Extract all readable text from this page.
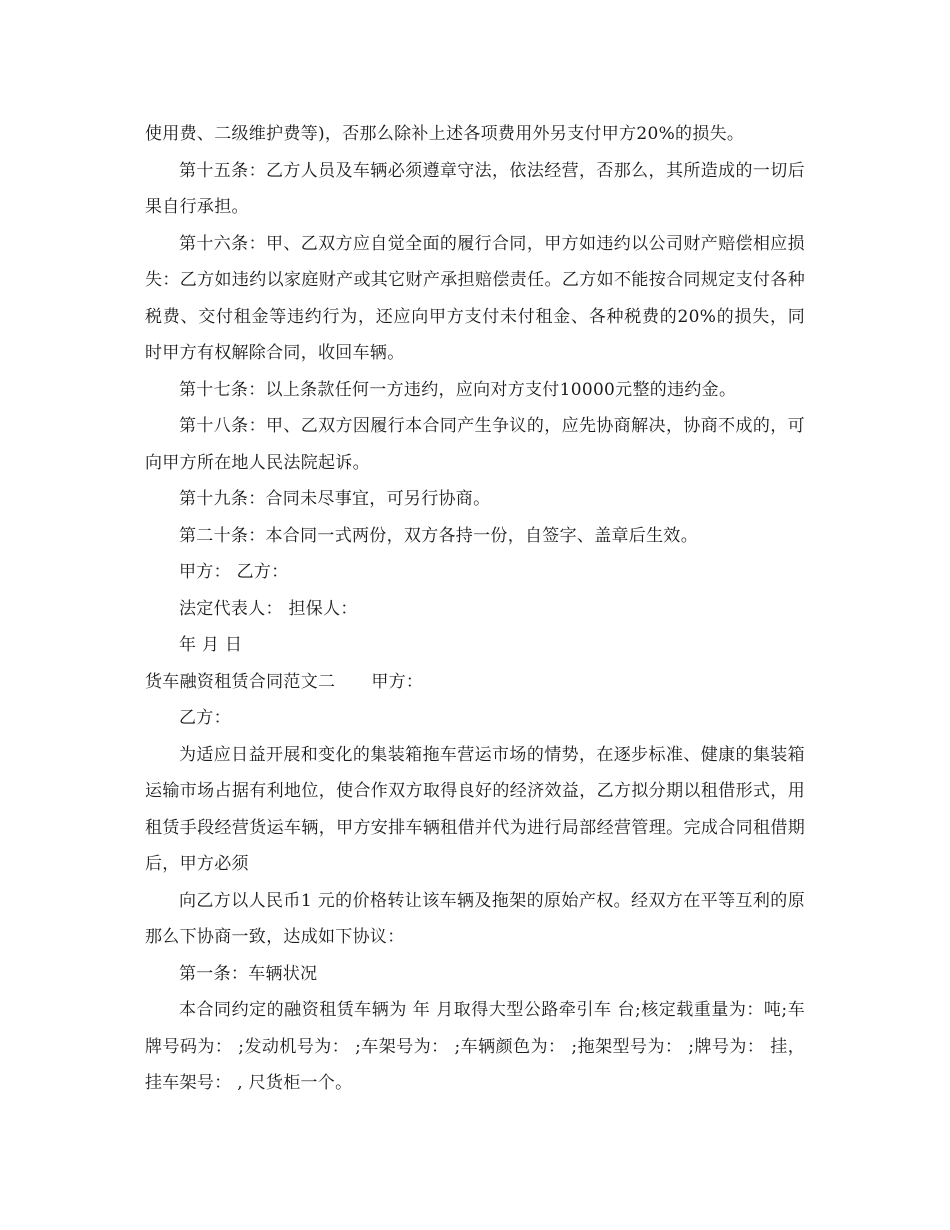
使用费、二级维护费等)，否那么除补上述各项费用外另支付甲方20%的损失。

第十五条：乙方人员及车辆必须遵章守法，依法经营，否那么，其所造成的一切后果自行承担。

第十六条：甲、乙双方应自觉全面的履行合同，甲方如违约以公司财产赔偿相应损失：乙方如违约以家庭财产或其它财产承担赔偿责任。乙方如不能按合同规定支付各种税费、交付租金等违约行为，还应向甲方支付未付租金、各种税费的20%的损失，同时甲方有权解除合同，收回车辆。

第十七条：以上条款任何一方违约，应向对方支付10000元整的违约金。

第十八条：甲、乙双方因履行本合同产生争议的，应先协商解决，协商不成的，可向甲方所在地人民法院起诉。

第十九条：合同未尽事宜，可另行协商。

第二十条：本合同一式两份，双方各持一份，自签字、盖章后生效。

甲方： 乙方：

法定代表人： 担保人：

年 月 日

货车融资租赁合同范文二 甲方：

乙方：

为适应日益开展和变化的集装箱拖车营运市场的情势，在逐步标准、健康的集装箱运输市场占据有利地位，使合作双方取得良好的经济效益，乙方拟分期以租借形式，用租赁手段经营货运车辆，甲方安排车辆租借并代为进行局部经营管理。完成合同租借期后，甲方必须

向乙方以人民币1 元的价格转让该车辆及拖架的原始产权。经双方在平等互利的原那么下协商一致，达成如下协议：

第一条：车辆状况

本合同约定的融资租赁车辆为 年 月取得大型公路牵引车 台;核定载重量为：吨;车牌号码为： ;发动机号为： ;车架号为： ;车辆颜色为： ;拖架型号为： ;牌号为： 挂，挂车架号： , 尺货柜一个。
